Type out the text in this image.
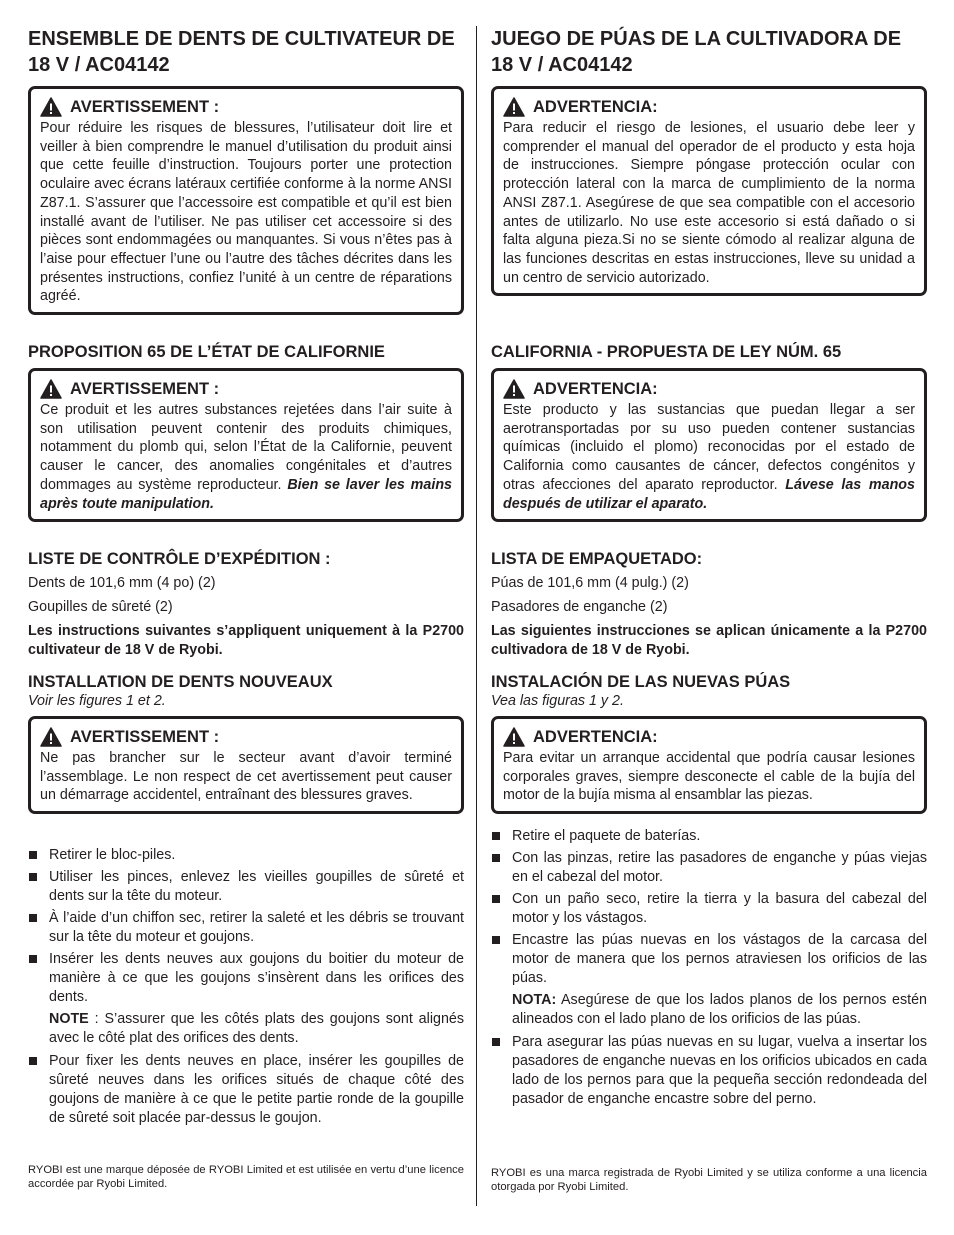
ENSEMBLE DE DENTS DE CULTIVATEUR DE 18 V / AC04142
AVERTISSEMENT :
Pour réduire les risques de blessures, l’utilisateur doit lire et veiller à bien comprendre le manuel d’utilisation du produit ainsi que cette feuille d’instruction. Toujours porter une protection oculaire avec écrans latéraux certifiée conforme à la norme ANSI Z87.1. S’assurer que l’accessoire est compatible et qu’il est bien installé avant de l’utiliser. Ne pas utiliser cet accessoire si des pièces sont endommagées ou manquantes. Si vous n’êtes pas à l’aise pour effectuer l’une ou l’autre des tâches décrites dans les présentes instructions, confiez l’unité à un centre de réparations agréé.
PROPOSITION 65 DE L’ÉTAT DE CALIFORNIE
AVERTISSEMENT :
Ce produit et les autres substances rejetées dans l’air suite à son utilisation peuvent contenir des produits chimiques, notamment du plomb qui, selon l’État de la Californie, peuvent causer le cancer, des anomalies congénitales et d’autres dommages au système reproducteur. Bien se laver les mains après toute manipulation.
LISTE DE CONTRÔLE D’EXPÉDITION :
Dents de 101,6 mm (4 po) (2)
Goupilles de sûreté (2)
Les instructions suivantes s’appliquent uniquement à la P2700 cultivateur de 18 V de Ryobi.
INSTALLATION DE DENTS NOUVEAUX
Voir les figures 1 et 2.
AVERTISSEMENT :
Ne pas brancher sur le secteur avant d’avoir terminé l’assemblage. Le non respect de cet avertissement peut causer un démarrage accidentel, entraînant des blessures graves.
Retirer le bloc-piles.
Utiliser les pinces, enlevez les vieilles goupilles de sûreté et dents sur la tête du moteur.
À l’aide d’un chiffon sec, retirer la saleté et les débris se trouvant sur la tête du moteur et goujons.
Insérer les dents neuves aux goujons du boitier du moteur de manière à ce que les goujons s’insèrent dans les orifices des dents.

NOTE : S’assurer que les côtés plats des goujons sont alignés avec le côté plat des orifices des dents.

Pour fixer les dents neuves en place, insérer les goupilles de sûreté neuves dans les orifices situés de chaque côté des goujons de manière à ce que le petite partie ronde de la goupille de sûreté soit placée par-dessus le goujon.
RYOBI est une marque déposée de RYOBI Limited et est utilisée en vertu d’une licence accordée par Ryobi Limited.
JUEGO DE PÚAS DE LA CULTIVADORA DE 18 V / AC04142
ADVERTENCIA:
Para reducir el riesgo de lesiones, el usuario debe leer y comprender el manual del operador de el producto y esta hoja de instrucciones. Siempre póngase protección ocular con protección lateral con la marca de cumplimiento de la norma ANSI Z87.1. Asegúrese de que sea compatible con el accesorio antes de utilizarlo. No use este accesorio si está dañado o si falta alguna pieza.Si no se siente cómodo al realizar alguna de las funciones descritas en estas instrucciones, lleve su unidad a un centro de servicio autorizado.
CALIFORNIA - PROPUESTA DE LEY NÚM. 65
ADVERTENCIA:
Este producto y las sustancias que puedan llegar a ser aerotransportadas por su uso pueden contener sustancias químicas (incluido el plomo) reconocidas por el estado de California como causantes de cáncer, defectos congénitos y otras afecciones del aparato reproductor. Lávese las manos después de utilizar el aparato.
LISTA DE EMPAQUETADO:
Púas de 101,6 mm (4 pulg.) (2)
Pasadores de enganche (2)
Las siguientes instrucciones se aplican únicamente a la P2700 cultivadora de 18 V de Ryobi.
INSTALACIÓN DE LAS NUEVAS PÚAS
Vea las figuras 1 y 2.
ADVERTENCIA:
Para evitar un arranque accidental que podría causar lesiones corporales graves, siempre desconecte el cable de la bujía del motor de la bujía misma al ensamblar las piezas.
Retire el paquete de baterías.
Con las pinzas, retire las pasadores de enganche y púas viejas en el cabezal del motor.
Con un paño seco, retire la tierra y la basura del cabezal del motor y los vástagos.
Encastre las púas nuevas en los vástagos de la carcasa del motor de manera que los pernos atraviesen los orificios de las púas.

NOTA: Asegúrese de que los lados planos de los pernos estén alineados con el lado plano de los orificios de las púas.

Para asegurar las púas nuevas en su lugar, vuelva a insertar los pasadores de enganche nuevas en los orificios ubicados en cada lado de los pernos para que la pequeña sección redondeada del pasador de enganche encastre sobre del perno.
RYOBI es una marca registrada de Ryobi Limited y se utiliza conforme a una licencia otorgada por Ryobi Limited.
